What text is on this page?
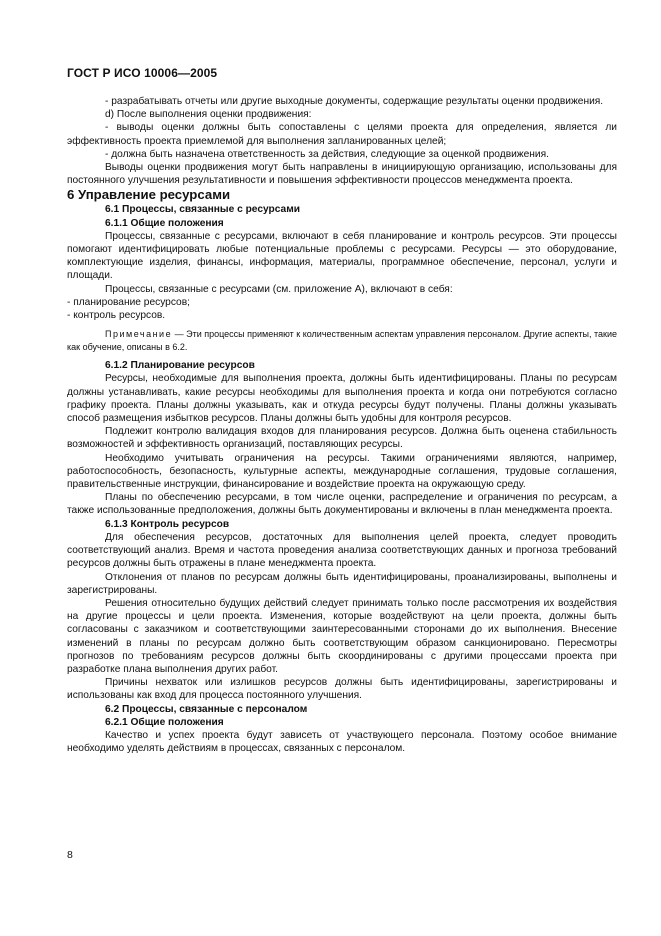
ГОСТ Р ИСО 10006—2005

- разрабатывать отчеты или другие выходные документы, содержащие результаты оценки продвижения.

d) После выполнения оценки продвижения:

- выводы оценки должны быть сопоставлены с целями проекта для определения, является ли эффективность проекта приемлемой для выполнения запланированных целей;

- должна быть назначена ответственность за действия, следующие за оценкой продвижения.

Выводы оценки продвижения могут быть направлены в инициирующую организацию, использованы для постоянного улучшения результативности и повышения эффективности процессов менеджмента проекта.

6 Управление ресурсами

6.1 Процессы, связанные с ресурсами

6.1.1 Общие положения

Процессы, связанные с ресурсами, включают в себя планирование и контроль ресурсов. Эти процессы помогают идентифицировать любые потенциальные проблемы с ресурсами. Ресурсы — это оборудование, комплектующие изделия, финансы, информация, материалы, программное обеспечение, персонал, услуги и площади.

Процессы, связанные с ресурсами (см. приложение А), включают в себя:

- планирование ресурсов;

- контроль ресурсов.

Примечание — Эти процессы применяют к количественным аспектам управления персоналом. Другие аспекты, такие как обучение, описаны в 6.2.

6.1.2 Планирование ресурсов

Ресурсы, необходимые для выполнения проекта, должны быть идентифицированы. Планы по ресурсам должны устанавливать, какие ресурсы необходимы для выполнения проекта и когда они потребуются согласно графику проекта. Планы должны указывать, как и откуда ресурсы будут получены. Планы должны указывать способ размещения избытков ресурсов. Планы должны быть удобны для контроля ресурсов.

Подлежит контролю валидация входов для планирования ресурсов. Должна быть оценена стабильность возможностей и эффективность организаций, поставляющих ресурсы.

Необходимо учитывать ограничения на ресурсы. Такими ограничениями являются, например, работоспособность, безопасность, культурные аспекты, международные соглашения, трудовые соглашения, правительственные инструкции, финансирование и воздействие проекта на окружающую среду.

Планы по обеспечению ресурсами, в том числе оценки, распределение и ограничения по ресурсам, а также использованные предположения, должны быть документированы и включены в план менеджмента проекта.

6.1.3 Контроль ресурсов

Для обеспечения ресурсов, достаточных для выполнения целей проекта, следует проводить соответствующий анализ. Время и частота проведения анализа соответствующих данных и прогноза требований ресурсов должны быть отражены в плане менеджмента проекта.

Отклонения от планов по ресурсам должны быть идентифицированы, проанализированы, выполнены и зарегистрированы.

Решения относительно будущих действий следует принимать только после рассмотрения их воздействия на другие процессы и цели проекта. Изменения, которые воздействуют на цели проекта, должны быть согласованы с заказчиком и соответствующими заинтересованными сторонами до их выполнения. Внесение изменений в планы по ресурсам должно быть соответствующим образом санкционировано. Пересмотры прогнозов по требованиям ресурсов должны быть скоординированы с другими процессами проекта при разработке плана выполнения других работ.

Причины нехваток или излишков ресурсов должны быть идентифицированы, зарегистрированы и использованы как вход для процесса постоянного улучшения.

6.2 Процессы, связанные с персоналом

6.2.1 Общие положения

Качество и успех проекта будут зависеть от участвующего персонала. Поэтому особое внимание необходимо уделять действиям в процессах, связанных с персоналом.

8
